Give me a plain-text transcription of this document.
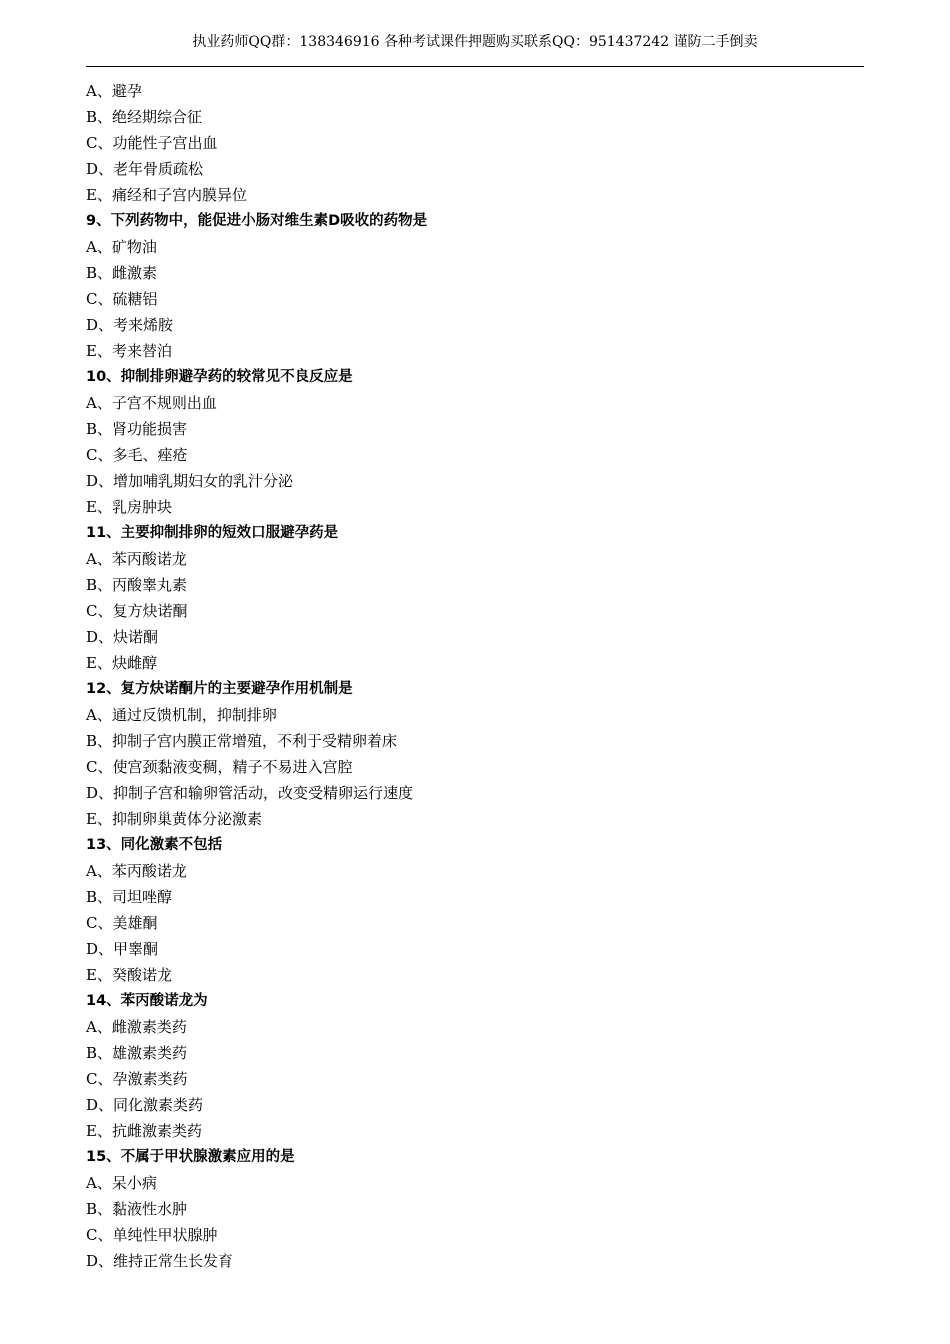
执业药师QQ群：138346916 各种考试课件押题购买联系QQ：951437242 谨防二手倒卖
A、避孕
B、绝经期综合征
C、功能性子宫出血
D、老年骨质疏松
E、痛经和子宫内膜异位
9、下列药物中，能促进小肠对维生素D吸收的药物是
A、矿物油
B、雌激素
C、硫糖铝
D、考来烯胺
E、考来替泊
10、抑制排卵避孕药的较常见不良反应是
A、子宫不规则出血
B、肾功能损害
C、多毛、痤疮
D、增加哺乳期妇女的乳汁分泌
E、乳房肿块
11、主要抑制排卵的短效口服避孕药是
A、苯丙酸诺龙
B、丙酸睾丸素
C、复方炔诺酮
D、炔诺酮
E、炔雌醇
12、复方炔诺酮片的主要避孕作用机制是
A、通过反馈机制，抑制排卵
B、抑制子宫内膜正常增殖，不利于受精卵着床
C、使宫颈黏液变稠，精子不易进入宫腔
D、抑制子宫和输卵管活动，改变受精卵运行速度
E、抑制卵巢黄体分泌激素
13、同化激素不包括
A、苯丙酸诺龙
B、司坦唑醇
C、美雄酮
D、甲睾酮
E、癸酸诺龙
14、苯丙酸诺龙为
A、雌激素类药
B、雄激素类药
C、孕激素类药
D、同化激素类药
E、抗雌激素类药
15、不属于甲状腺激素应用的是
A、呆小病
B、黏液性水肿
C、单纯性甲状腺肿
D、维持正常生长发育
